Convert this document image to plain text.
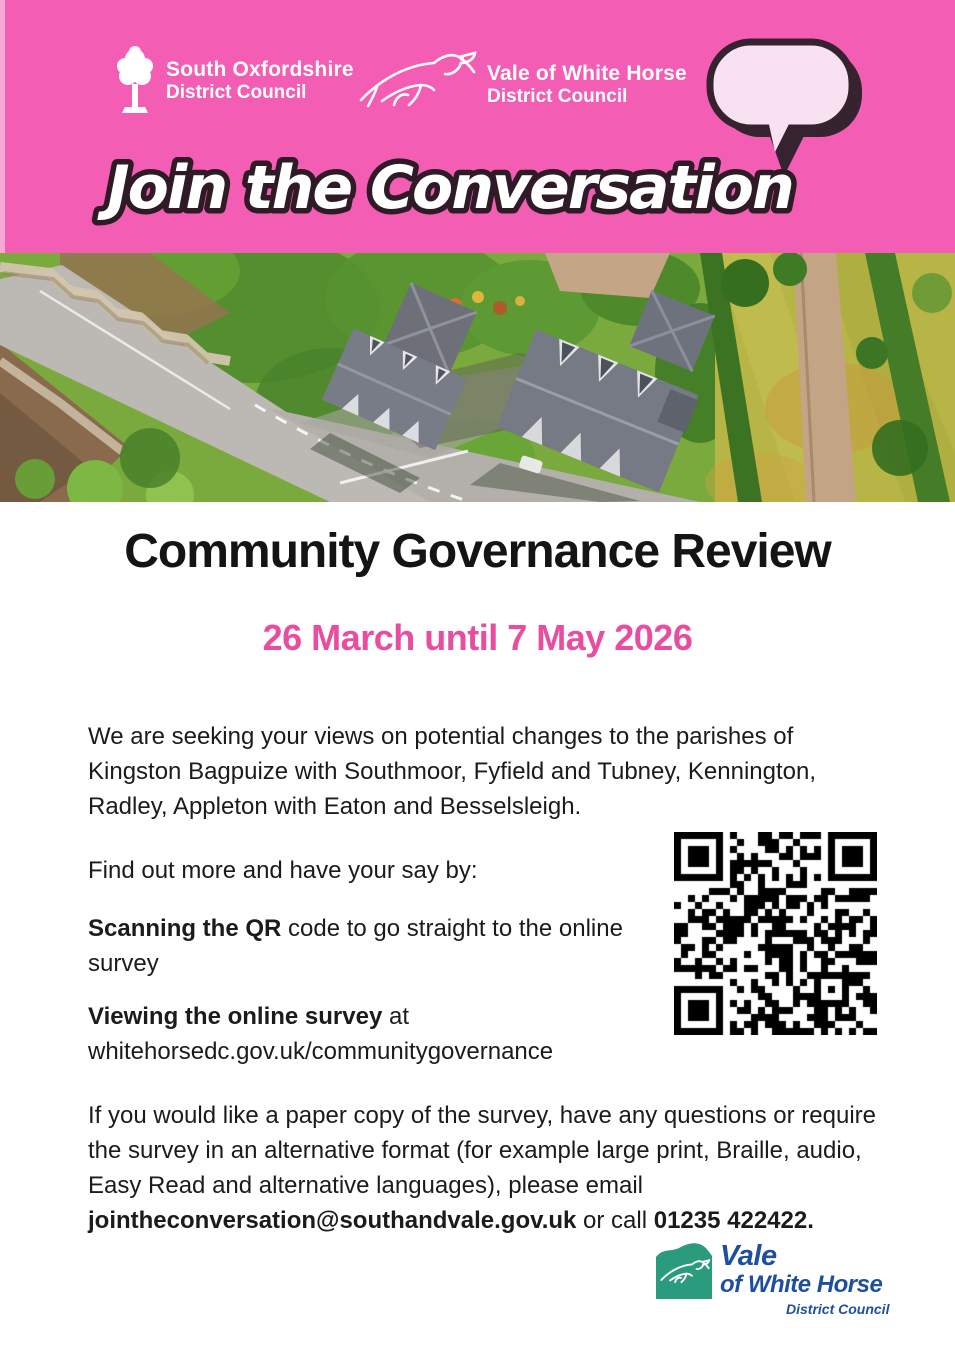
South Oxfordshire
District Council
Vale of White Horse
District Council
Join the Conversation
Community Governance Review
26 March until 7 May 2026

We are seeking your views on potential changes to the parishes of Kingston Bagpuize with Southmoor, Fyfield and Tubney, Kennington, Radley, Appleton with Eaton and Besselsleigh.

Find out more and have your say by:

Scanning the QR code to go straight to the online survey

Viewing the online survey at
whitehorsedc.gov.uk/communitygovernance

If you would like a paper copy of the survey, have any questions or require the survey in an alternative format (for example large print, Braille, audio, Easy Read and alternative languages), please email jointheconversation@southandvale.gov.uk or call 01235 422422.

Vale
of White Horse
District Council
